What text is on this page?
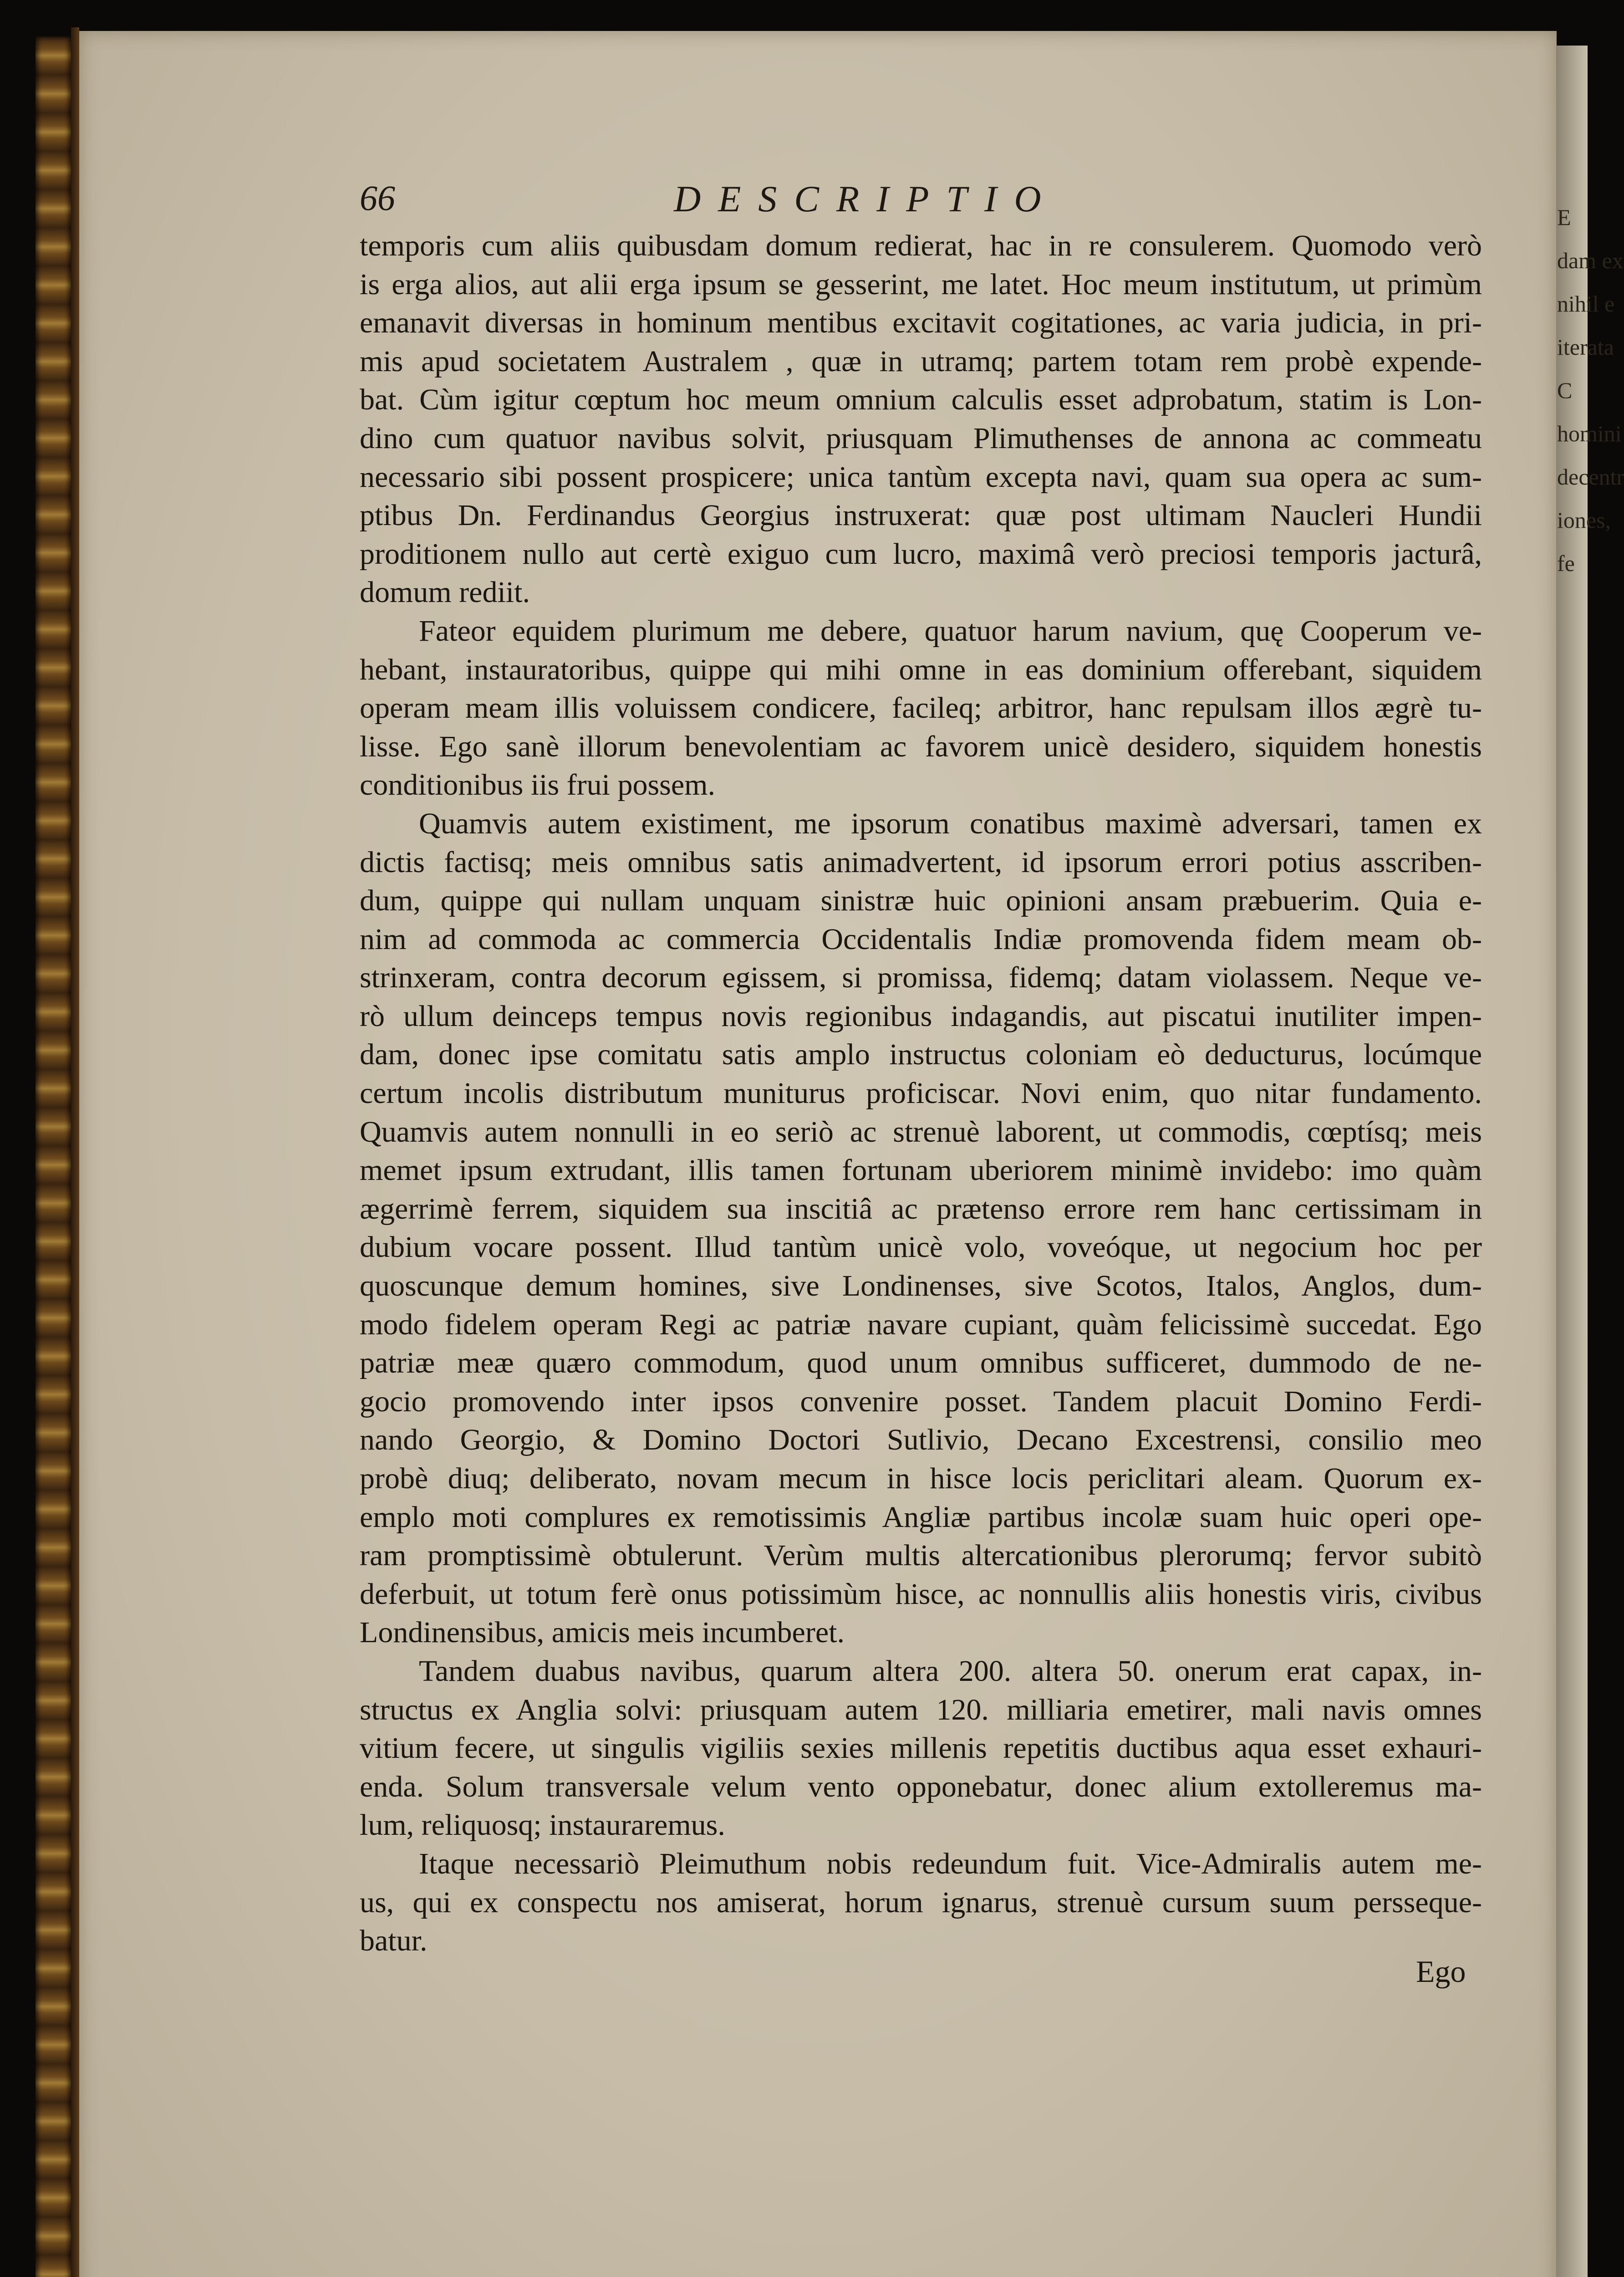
E
dam ex
nihil e
iterata
C
homini
decentr
iones,
fe
66	DESCRIPTIO
temporis cum aliis quibusdam domum redierat, hac in re consulerem. Quomodo verò
is erga alios, aut alii erga ipsum se gesserint, me latet. Hoc meum institutum, ut primùm
emanavit diversas in hominum mentibus excitavit cogitationes, ac varia judicia, in pri-
mis apud societatem Australem , quæ in utramq; partem totam rem probè expende-
bat. Cùm igitur cœptum hoc meum omnium calculis esset adprobatum, statim is Lon-
dino cum quatuor navibus solvit, priusquam Plimuthenses de annona ac commeatu
necessario sibi possent prospicere; unica tantùm excepta navi, quam sua opera ac sum-
ptibus Dn. Ferdinandus Georgius instruxerat: quæ post ultimam Naucleri Hundii
proditionem nullo aut certè exiguo cum lucro, maximâ verò preciosi temporis jacturâ,
domum rediit.
Fateor equidem plurimum me debere, quatuor harum navium, quę Cooperum ve-
hebant, instauratoribus, quippe qui mihi omne in eas dominium offerebant, siquidem
operam meam illis voluissem condicere, facileq; arbitror, hanc repulsam illos ægrè tu-
lisse. Ego sanè illorum benevolentiam ac favorem unicè desidero, siquidem honestis
conditionibus iis frui possem.
Quamvis autem existiment, me ipsorum conatibus maximè adversari, tamen ex
dictis factisq; meis omnibus satis animadvertent, id ipsorum errori potius asscriben-
dum, quippe qui nullam unquam sinistræ huic opinioni ansam præbuerim. Quia e-
nim ad commoda ac commercia Occidentalis Indiæ promovenda fidem meam ob-
strinxeram, contra decorum egissem, si promissa, fidemq; datam violassem. Neque ve-
rò ullum deinceps tempus novis regionibus indagandis, aut piscatui inutiliter impen-
dam, donec ipse comitatu satis amplo instructus coloniam eò deducturus, locúmque
certum incolis distributum muniturus proficiscar. Novi enim, quo nitar fundamento.
Quamvis autem nonnulli in eo seriò ac strenuè laborent, ut commodis, cœptísq; meis
memet ipsum extrudant, illis tamen fortunam uberiorem minimè invidebo: imo quàm
ægerrimè ferrem, siquidem sua inscitiâ ac prætenso errore rem hanc certissimam in
dubium vocare possent. Illud tantùm unicè volo, voveóque, ut negocium hoc per
quoscunque demum homines, sive Londinenses, sive Scotos, Italos, Anglos, dum-
modo fidelem operam Regi ac patriæ navare cupiant, quàm felicissimè succedat. Ego
patriæ meæ quæro commodum, quod unum omnibus sufficeret, dummodo de ne-
gocio promovendo inter ipsos convenire posset. Tandem placuit Domino Ferdi-
nando Georgio, & Domino Doctori Sutlivio, Decano Excestrensi, consilio meo
probè diuq; deliberato, novam mecum in hisce locis periclitari aleam. Quorum ex-
emplo moti complures ex remotissimis Angliæ partibus incolæ suam huic operi ope-
ram promptissimè obtulerunt. Verùm multis altercationibus plerorumq; fervor subitò
deferbuit, ut totum ferè onus potissimùm hisce, ac nonnullis aliis honestis viris, civibus
Londinensibus, amicis meis incumberet.
Tandem duabus navibus, quarum altera 200. altera 50. onerum erat capax, in-
structus ex Anglia solvi: priusquam autem 120. milliaria emetirer, mali navis omnes
vitium fecere, ut singulis vigiliis sexies millenis repetitis ductibus aqua esset exhauri-
enda. Solum transversale velum vento opponebatur, donec alium extolleremus ma-
lum, reliquosq; instauraremus.
Itaque necessariò Pleimuthum nobis redeundum fuit. Vice-Admiralis autem me-
us, qui ex conspectu nos amiserat, horum ignarus, strenuè cursum suum persseque-
batur.
Ego
